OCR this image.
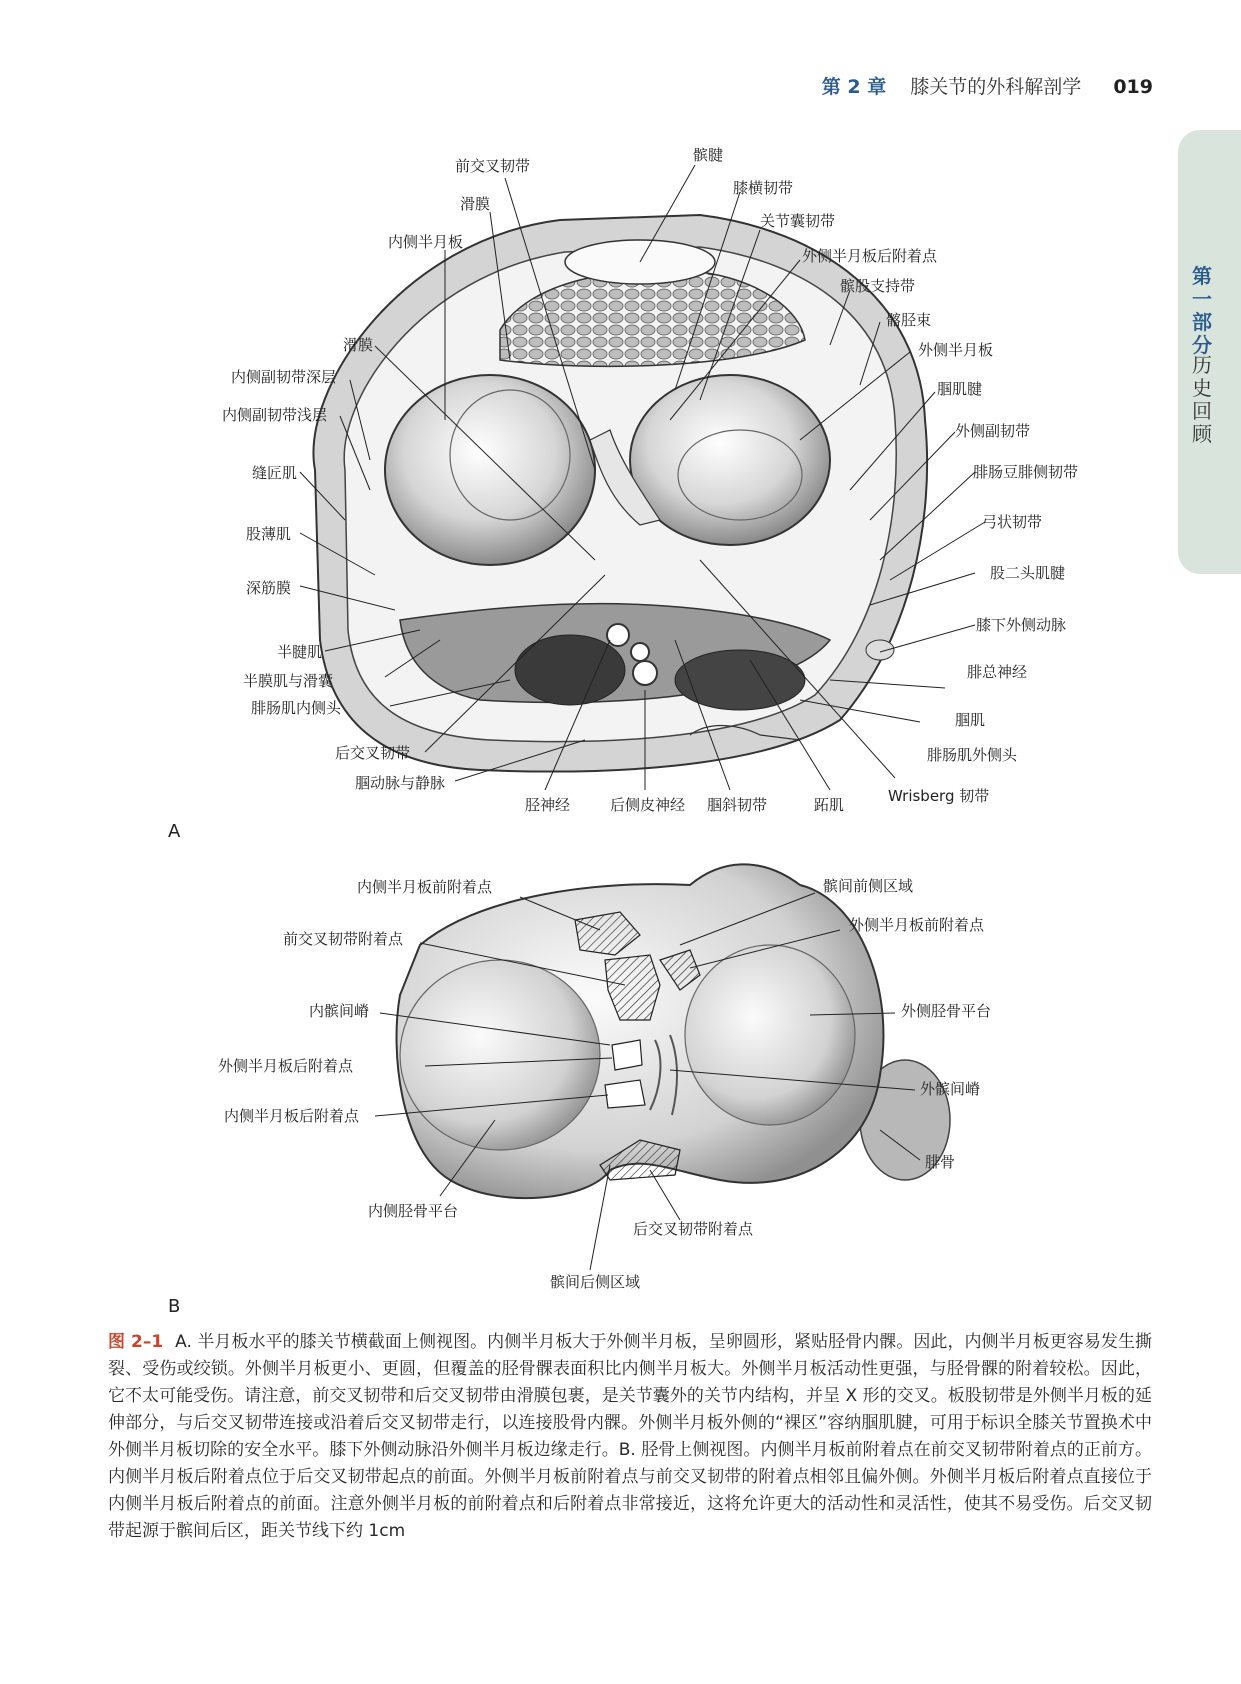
第 2 章 膝关节的外科解剖学 019
第一部分
历史回顾
前交叉韧带
髌腱
膝横韧带
滑膜
关节囊韧带
内侧半月板
外侧半月板后附着点
髌股支持带
髂胫束
滑膜	外侧半月板
内侧副韧带深层
腘肌腱
内侧副韧带浅层
外侧副韧带
缝匠肌	腓肠豆腓侧韧带
弓状韧带
股薄肌
股二头肌腱
深筋膜
膝下外侧动脉
半腱肌
腓总神经
半膜肌与滑囊
腓肠肌内侧头
腘肌
腓肠肌外侧头
后交叉韧带
腘动脉与静脉
Wrisberg 韧带
胫神经	后侧皮神经 腘斜韧带	跖肌
A
内侧半月板前附着点	髌间前侧区域
外侧半月板前附着点
前交叉韧带附着点
内髌间嵴	外侧胫骨平台
外侧半月板后附着点
外髌间嵴
内侧半月板后附着点
腓骨
内侧胫骨平台
后交叉韧带附着点
髌间后侧区域
B
图 2–1 A. 半月板水平的膝关节横截面上侧视图。内侧半月板大于外侧半月板，呈卵圆形，紧贴胫骨内髁。因此，内侧半月板更容易发生撕裂、受伤或绞锁。外侧半月板更小、更圆，但覆盖的胫骨髁表面积比内侧半月板大。外侧半月板活动性更强，与胫骨髁的附着较松。因此，它不太可能受伤。请注意，前交叉韧带和后交叉韧带由滑膜包裹，是关节囊外的关节内结构，并呈 X 形的交叉。板股韧带是外侧半月板的延伸部分，与后交叉韧带连接或沿着后交叉韧带走行，以连接股骨内髁。外侧半月板外侧的“裸区”容纳腘肌腱，可用于标识全膝关节置换术中外侧半月板切除的安全水平。膝下外侧动脉沿外侧半月板边缘走行。B. 胫骨上侧视图。内侧半月板前附着点在前交叉韧带附着点的正前方。内侧半月板后附着点位于后交叉韧带起点的前面。外侧半月板前附着点与前交叉韧带的附着点相邻且偏外侧。外侧半月板后附着点直接位于内侧半月板后附着点的前面。注意外侧半月板的前附着点和后附着点非常接近，这将允许更大的活动性和灵活性，使其不易受伤。后交叉韧带起源于髌间后区，距关节线下约 1cm
